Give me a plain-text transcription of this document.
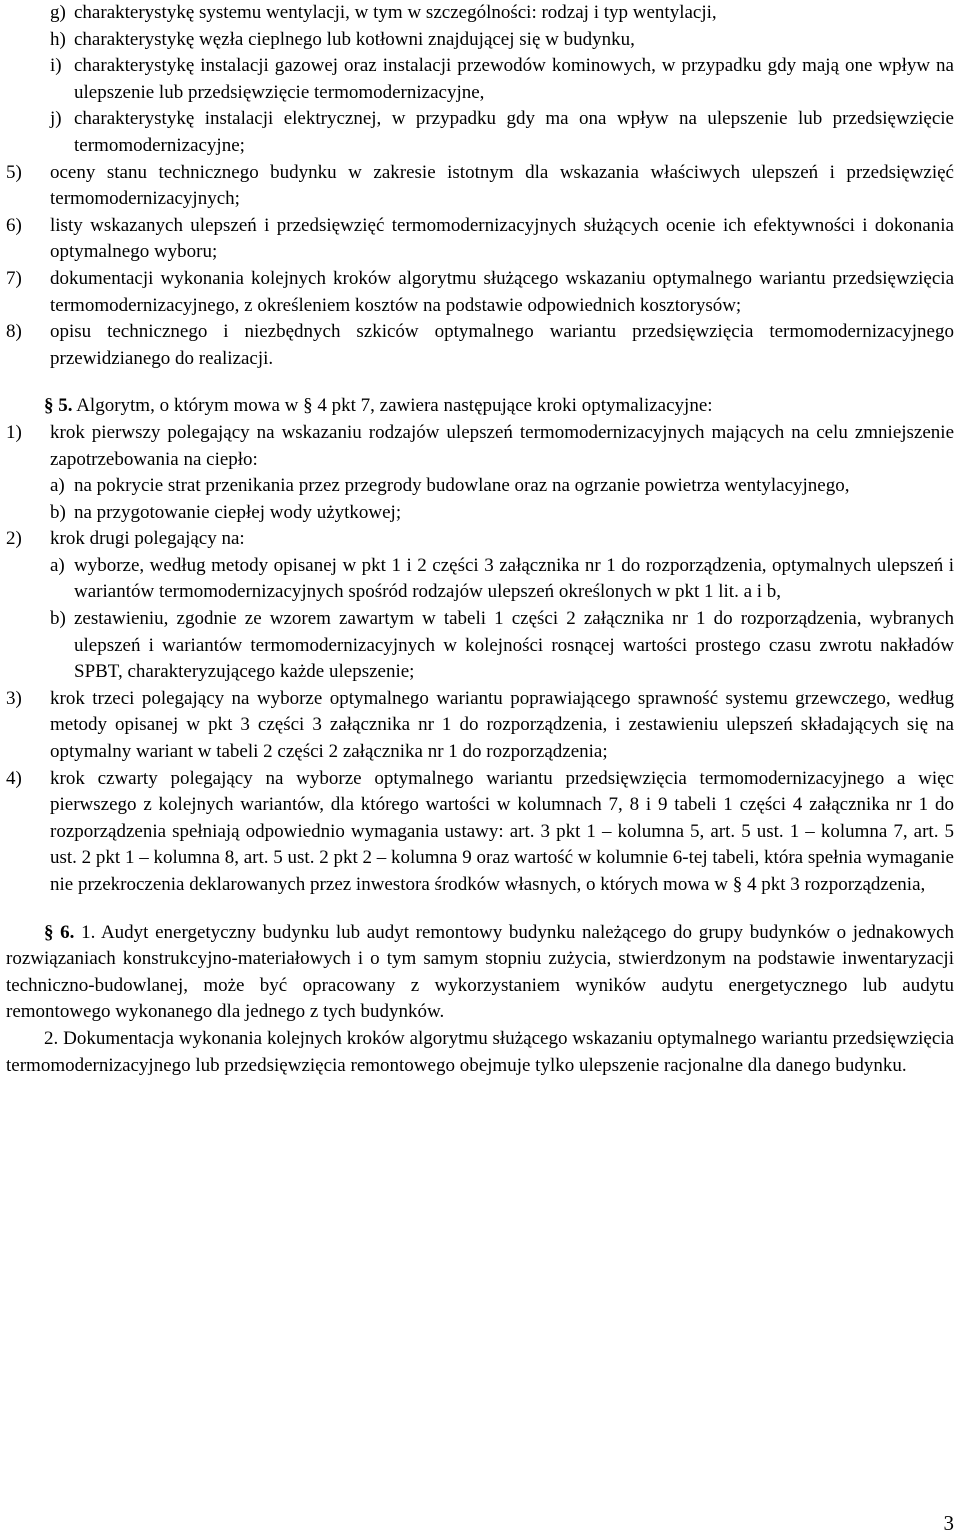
g) charakterystykę systemu wentylacji, w tym w szczególności: rodzaj i typ wentylacji,
h) charakterystykę węzła cieplnego lub kotłowni znajdującej się w budynku,
i) charakterystykę instalacji gazowej oraz instalacji przewodów kominowych, w przypadku gdy mają one wpływ na ulepszenie lub przedsięwzięcie termomodernizacyjne,
j) charakterystykę instalacji elektrycznej, w przypadku gdy ma ona wpływ na ulepszenie lub przedsięwzięcie termomodernizacyjne;
5)	oceny stanu technicznego budynku w zakresie istotnym dla wskazania właściwych ulepszeń i przedsięwzięć termomodernizacyjnych;
6)	listy wskazanych ulepszeń i przedsięwzięć termomodernizacyjnych służących ocenie ich efektywności i dokonania optymalnego wyboru;
7)	dokumentacji wykonania kolejnych kroków algorytmu służącego wskazaniu optymalnego wariantu przedsięwzięcia termomodernizacyjnego, z określeniem kosztów na podstawie odpowiednich kosztorysów;
8)	opisu technicznego i niezbędnych szkiców optymalnego wariantu przedsięwzięcia termomodernizacyjnego przewidzianego do realizacji.

§ 5. Algorytm, o którym mowa w § 4 pkt 7, zawiera następujące kroki optymalizacyjne:

1)	krok pierwszy polegający na wskazaniu rodzajów ulepszeń termomodernizacyjnych mających na celu zmniejszenie zapotrzebowania na ciepło:
a) na pokrycie strat przenikania przez przegrody budowlane oraz na ogrzanie powietrza wentylacyjnego,
b) na przygotowanie ciepłej wody użytkowej;
2)	krok drugi polegający na:
a) wyborze, według metody opisanej w pkt 1 i 2 części 3 załącznika nr 1 do rozporządzenia, optymalnych ulepszeń i wariantów termomodernizacyjnych spośród rodzajów ulepszeń określonych w pkt 1 lit. a i b,
b) zestawieniu, zgodnie ze wzorem zawartym w tabeli 1 części 2 załącznika nr 1 do rozporządzenia, wybranych ulepszeń i wariantów termomodernizacyjnych w kolejności rosnącej wartości prostego czasu zwrotu nakładów SPBT, charakteryzującego każde ulepszenie;
3)	krok trzeci polegający na wyborze optymalnego wariantu poprawiającego sprawność systemu grzewczego, według metody opisanej w pkt 3 części 3 załącznika nr 1 do rozporządzenia, i zestawieniu ulepszeń składających się na optymalny wariant w tabeli 2 części 2 załącznika nr 1 do rozporządzenia;
4)	krok czwarty polegający na wyborze optymalnego wariantu przedsięwzięcia termomodernizacyjnego a więc pierwszego z kolejnych wariantów, dla którego wartości w kolumnach 7, 8 i 9 tabeli 1 części 4 załącznika nr 1 do rozporządzenia spełniają odpowiednio wymagania ustawy: art. 3 pkt 1 – kolumna 5, art. 5 ust. 1 – kolumna 7, art. 5 ust. 2 pkt 1 – kolumna 8, art. 5 ust. 2 pkt 2 – kolumna 9 oraz wartość w kolumnie 6-tej tabeli, która spełnia wymaganie nie przekroczenia deklarowanych przez inwestora środków własnych, o których mowa w § 4 pkt 3 rozporządzenia,

§ 6. 1. Audyt energetyczny budynku lub audyt remontowy budynku należącego do grupy budynków o jednakowych rozwiązaniach konstrukcyjno-materiałowych i o tym samym stopniu zużycia, stwierdzonym na podstawie inwentaryzacji techniczno-budowlanej, może być opracowany z wykorzystaniem wyników audytu energetycznego lub audytu remontowego wykonanego dla jednego z tych budynków.

2. Dokumentacja wykonania kolejnych kroków algorytmu służącego wskazaniu optymalnego wariantu przedsięwzięcia termomodernizacyjnego lub przedsięwzięcia remontowego obejmuje tylko ulepszenie racjonalne dla danego budynku.

3
